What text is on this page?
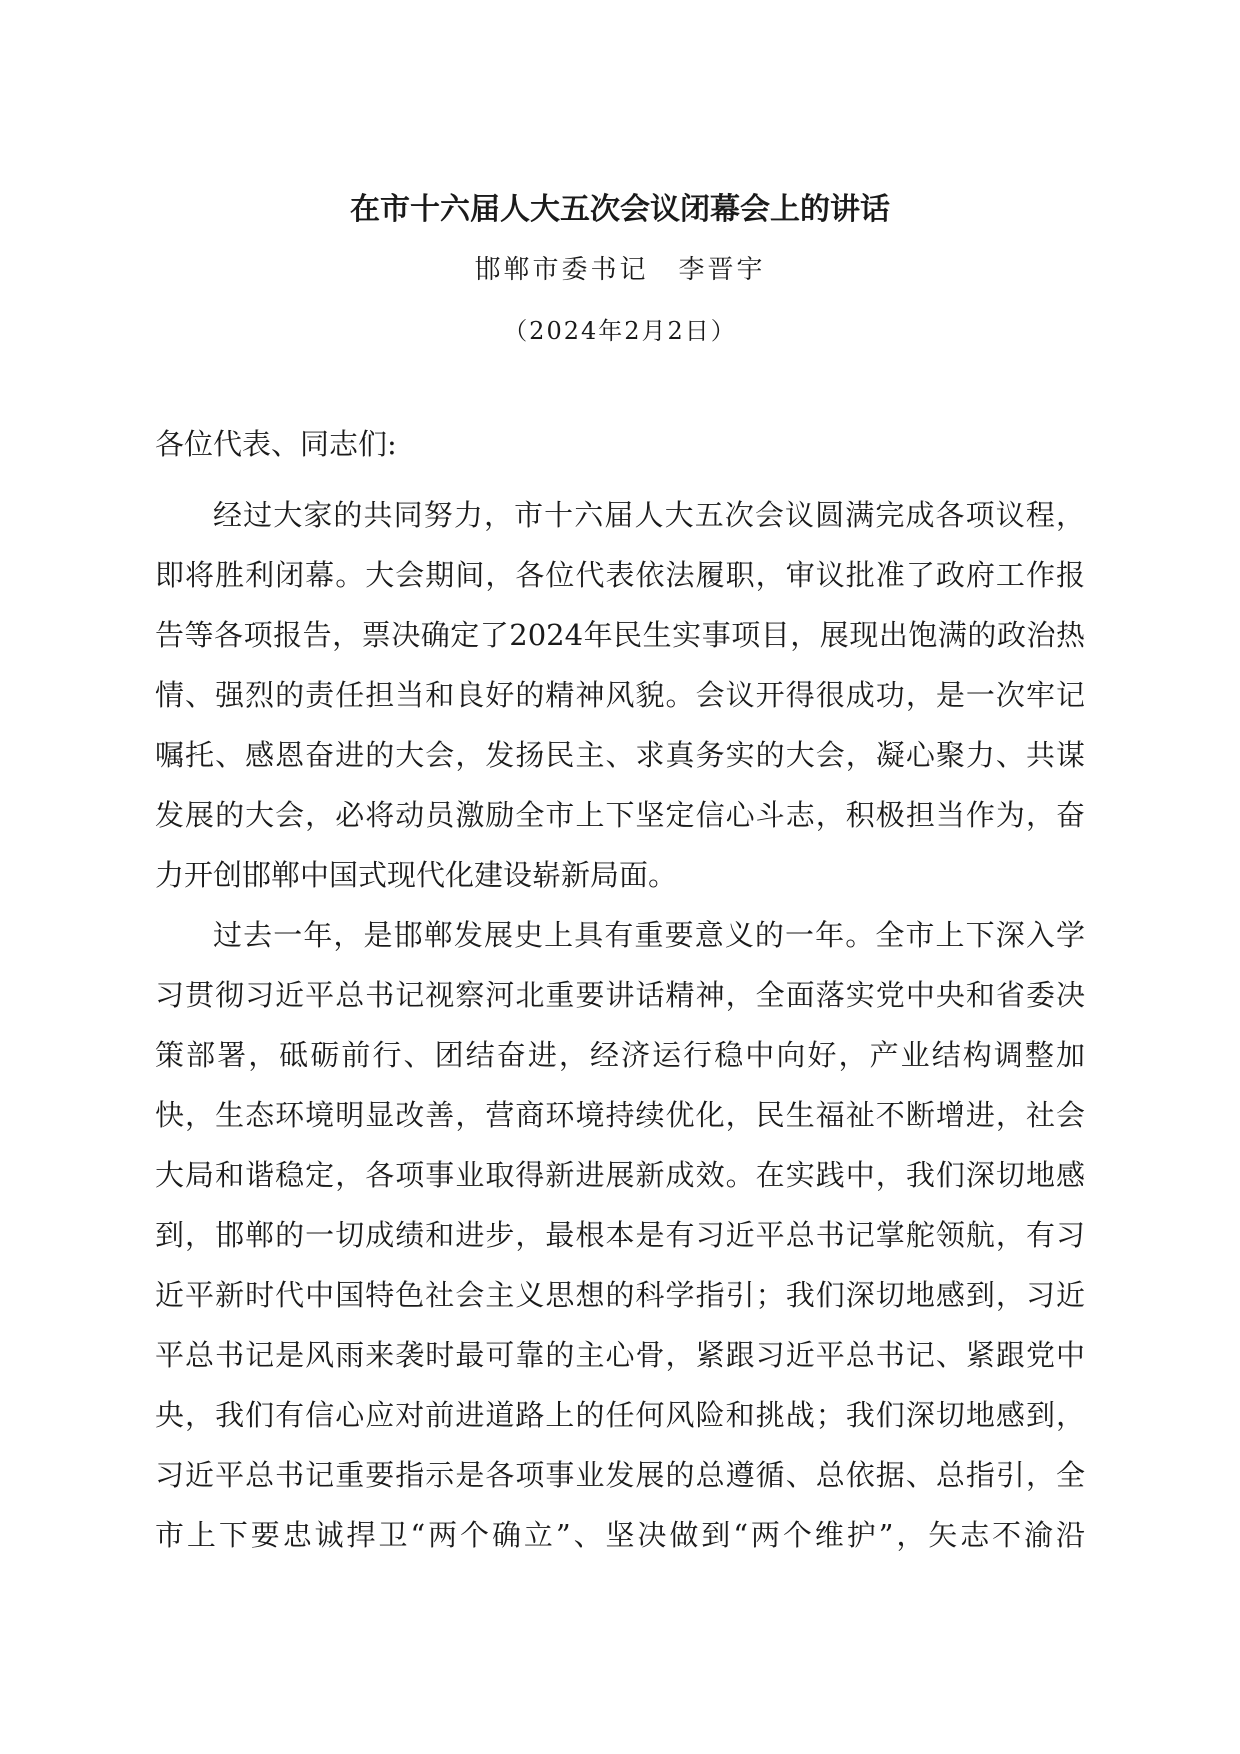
在市十六届人大五次会议闭幕会上的讲话
邯郸市委书记 李晋宇
（2024年2月2日）
各位代表、同志们:
经过大家的共同努力，市十六届人大五次会议圆满完成各项议程，
即将胜利闭幕。大会期间，各位代表依法履职，审议批准了政府工作报
告等各项报告，票决确定了2024年民生实事项目，展现出饱满的政治热
情、强烈的责任担当和良好的精神风貌。会议开得很成功，是一次牢记
嘱托、感恩奋进的大会，发扬民主、求真务实的大会，凝心聚力、共谋
发展的大会，必将动员激励全市上下坚定信心斗志，积极担当作为，奋
力开创邯郸中国式现代化建设崭新局面。
过去一年，是邯郸发展史上具有重要意义的一年。全市上下深入学
习贯彻习近平总书记视察河北重要讲话精神，全面落实党中央和省委决
策部署，砥砺前行、团结奋进，经济运行稳中向好，产业结构调整加
快，生态环境明显改善，营商环境持续优化，民生福祉不断增进，社会
大局和谐稳定，各项事业取得新进展新成效。在实践中，我们深切地感
到，邯郸的一切成绩和进步，最根本是有习近平总书记掌舵领航，有习
近平新时代中国特色社会主义思想的科学指引；我们深切地感到，习近
平总书记是风雨来袭时最可靠的主心骨，紧跟习近平总书记、紧跟党中
央，我们有信心应对前进道路上的任何风险和挑战；我们深切地感到，
习近平总书记重要指示是各项事业发展的总遵循、总依据、总指引，全
市上下要忠诚捍卫“两个确立”、坚决做到“两个维护”，矢志不渝沿
